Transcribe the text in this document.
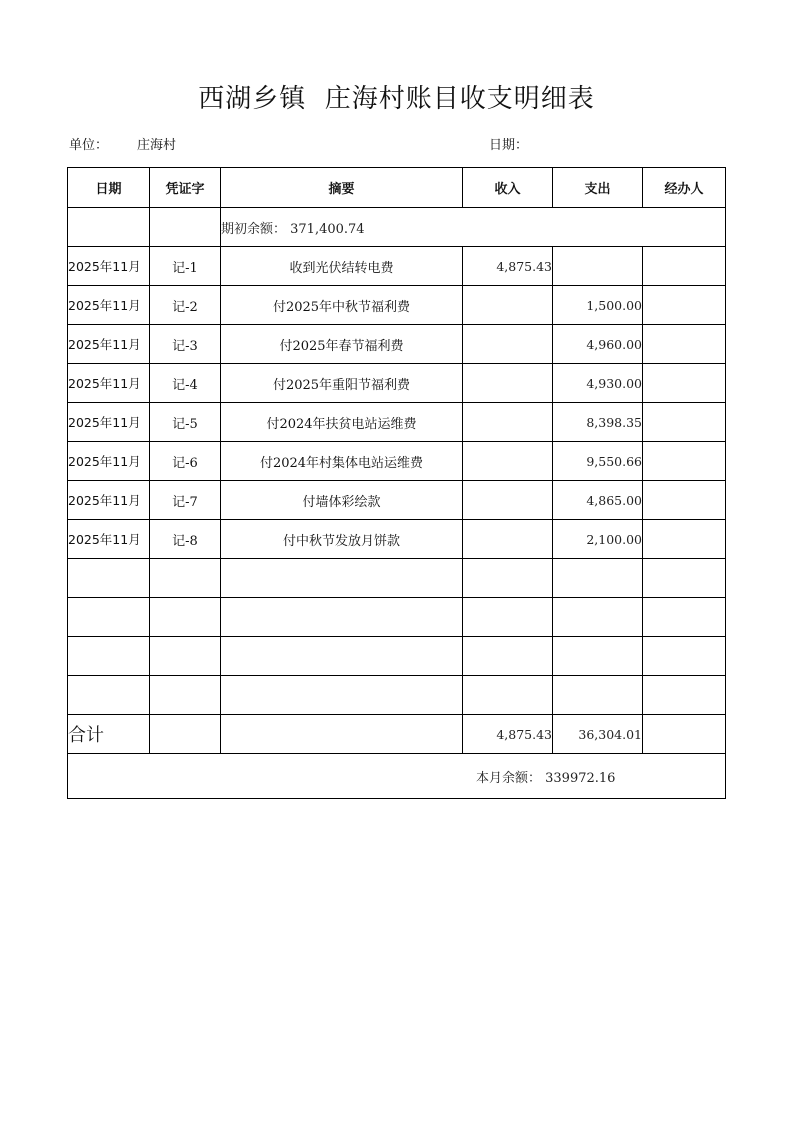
西湖乡镇  庄海村账目收支明细表
单位： 庄海村	日期：
日期	凭证字	摘要	收入	支出	经办人
		期初余额： 371,400.74			
2025年11月	记-1	收到光伏结转电费	4,875.43		
2025年11月	记-2	付2025年中秋节福利费		1,500.00	
2025年11月	记-3	付2025年春节福利费		4,960.00	
2025年11月	记-4	付2025年重阳节福利费		4,930.00	
2025年11月	记-5	付2024年扶贫电站运维费		8,398.35	
2025年11月	记-6	付2024年村集体电站运维费		9,550.66	
2025年11月	记-7	付墙体彩绘款		4,865.00	
2025年11月	记-8	付中秋节发放月饼款		2,100.00	

合计			4,875.43	36,304.01	
本月余额： 339972.16					
